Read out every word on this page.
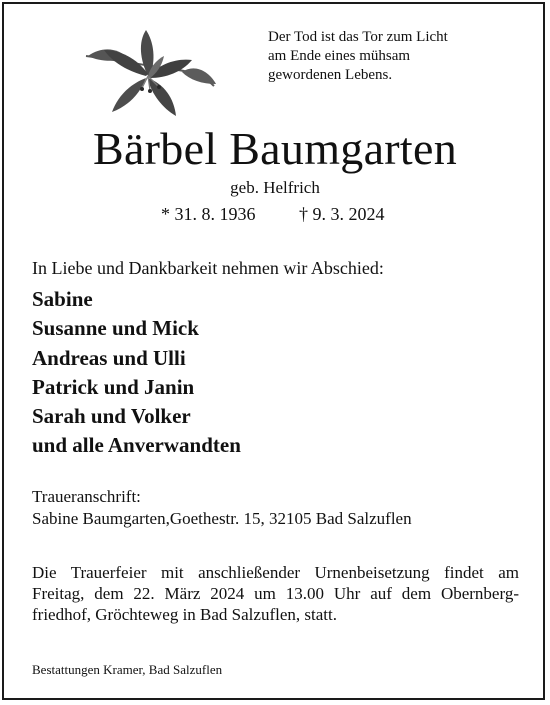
Der Tod ist das Tor zum Licht
am Ende eines mühsam
gewordenen Lebens.
Bärbel Baumgarten
geb. Helfrich
* 31. 8. 1936 † 9. 3. 2024
In Liebe und Dankbarkeit nehmen wir Abschied:
Sabine
Susanne und Mick
Andreas und Ulli
Patrick und Janin
Sarah und Volker
und alle Anverwandten
Traueranschrift:
Sabine Baumgarten,Goethestr. 15, 32105 Bad Salzuflen
Die Trauerfeier mit anschließender Urnenbeisetzung findet am
Freitag, dem 22. März 2024 um 13.00 Uhr auf dem Obernberg-
friedhof, Gröchteweg in Bad Salzuflen, statt.
Bestattungen Kramer, Bad Salzuflen
